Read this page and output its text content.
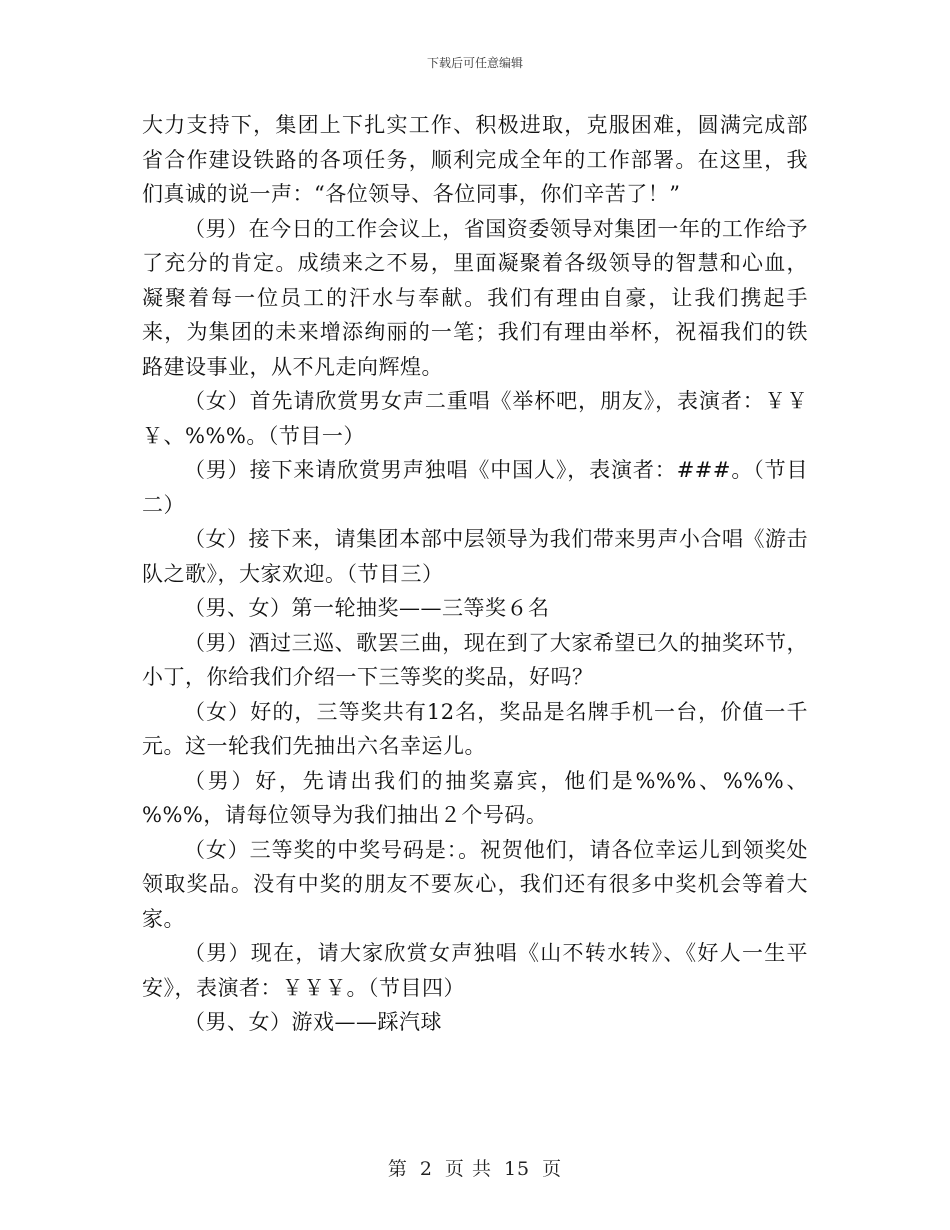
下载后可任意编辑

大力支持下，集团上下扎实工作、积极进取，克服困难，圆满完成部省合作建设铁路的各项任务，顺利完成全年的工作部署。在这里，我们真诚的说一声：“各位领导、各位同事，你们辛苦了！”

（男）在今日的工作会议上，省国资委领导对集团一年的工作给予了充分的肯定。成绩来之不易，里面凝聚着各级领导的智慧和心血，凝聚着每一位员工的汗水与奉献。我们有理由自豪，让我们携起手来，为集团的未来增添绚丽的一笔；我们有理由举杯，祝福我们的铁路建设事业，从不凡走向辉煌。

（女）首先请欣赏男女声二重唱《举杯吧，朋友》，表演者：￥￥￥、%%%。（节目一）

（男）接下来请欣赏男声独唱《中国人》，表演者：###。（节目二）

（女）接下来，请集团本部中层领导为我们带来男声小合唱《游击队之歌》，大家欢迎。（节目三）

（男、女）第一轮抽奖——三等奖６名

（男）酒过三巡、歌罢三曲，现在到了大家希望已久的抽奖环节，小丁，你给我们介绍一下三等奖的奖品，好吗？

（女）好的，三等奖共有12名，奖品是名牌手机一台，价值一千元。这一轮我们先抽出六名幸运儿。

（男）好，先请出我们的抽奖嘉宾，他们是%%%、%%%、%%%，请每位领导为我们抽出２个号码。

（女）三等奖的中奖号码是：。祝贺他们，请各位幸运儿到领奖处领取奖品。没有中奖的朋友不要灰心，我们还有很多中奖机会等着大家。

（男）现在，请大家欣赏女声独唱《山不转水转》、《好人一生平安》，表演者：￥￥￥。（节目四）

（男、女）游戏——踩汽球

第 2 页 共 15 页
